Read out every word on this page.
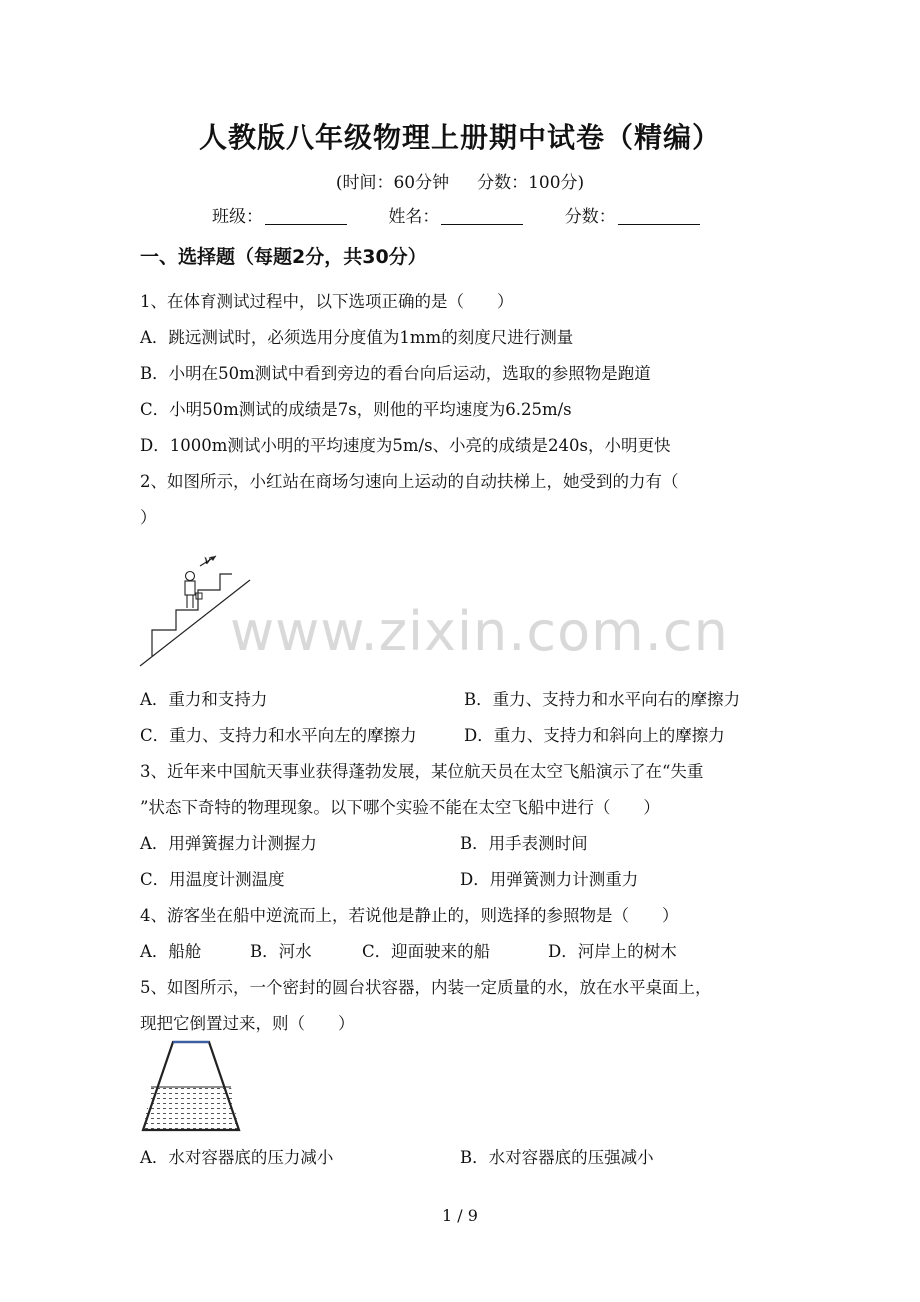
人教版八年级物理上册期中试卷（精编）
(时间：60分钟 分数：100分)
班级：	姓名：	分数：
一、选择题（每题2分，共30分）
1、在体育测试过程中，以下选项正确的是（　　）
A．跳远测试时，必须选用分度值为1mm的刻度尺进行测量
B．小明在50m测试中看到旁边的看台向后运动，选取的参照物是跑道
C．小明50m测试的成绩是7s，则他的平均速度为6.25m/s
D．1000m测试小明的平均速度为5m/s、小亮的成绩是240s，小明更快
2、如图所示，小红站在商场匀速向上运动的自动扶梯上，她受到的力有（
）
v
www.zixin.com.cn
A．重力和支持力	B．重力、支持力和水平向右的摩擦力
C．重力、支持力和水平向左的摩擦力	D．重力、支持力和斜向上的摩擦力
3、近年来中国航天事业获得蓬勃发展，某位航天员在太空飞船演示了在“失重
”状态下奇特的物理现象。以下哪个实验不能在太空飞船中进行（　　）
A．用弹簧握力计测握力	B．用手表测时间
C．用温度计测温度	D．用弹簧测力计测重力
4、游客坐在船中逆流而上，若说他是静止的，则选择的参照物是（　　）
A．船舱	B．河水	C．迎面驶来的船	D．河岸上的树木
5、如图所示，一个密封的圆台状容器，内装一定质量的水，放在水平桌面上，
现把它倒置过来，则（　　）
A．水对容器底的压力减小	B．水对容器底的压强减小
1 / 9
